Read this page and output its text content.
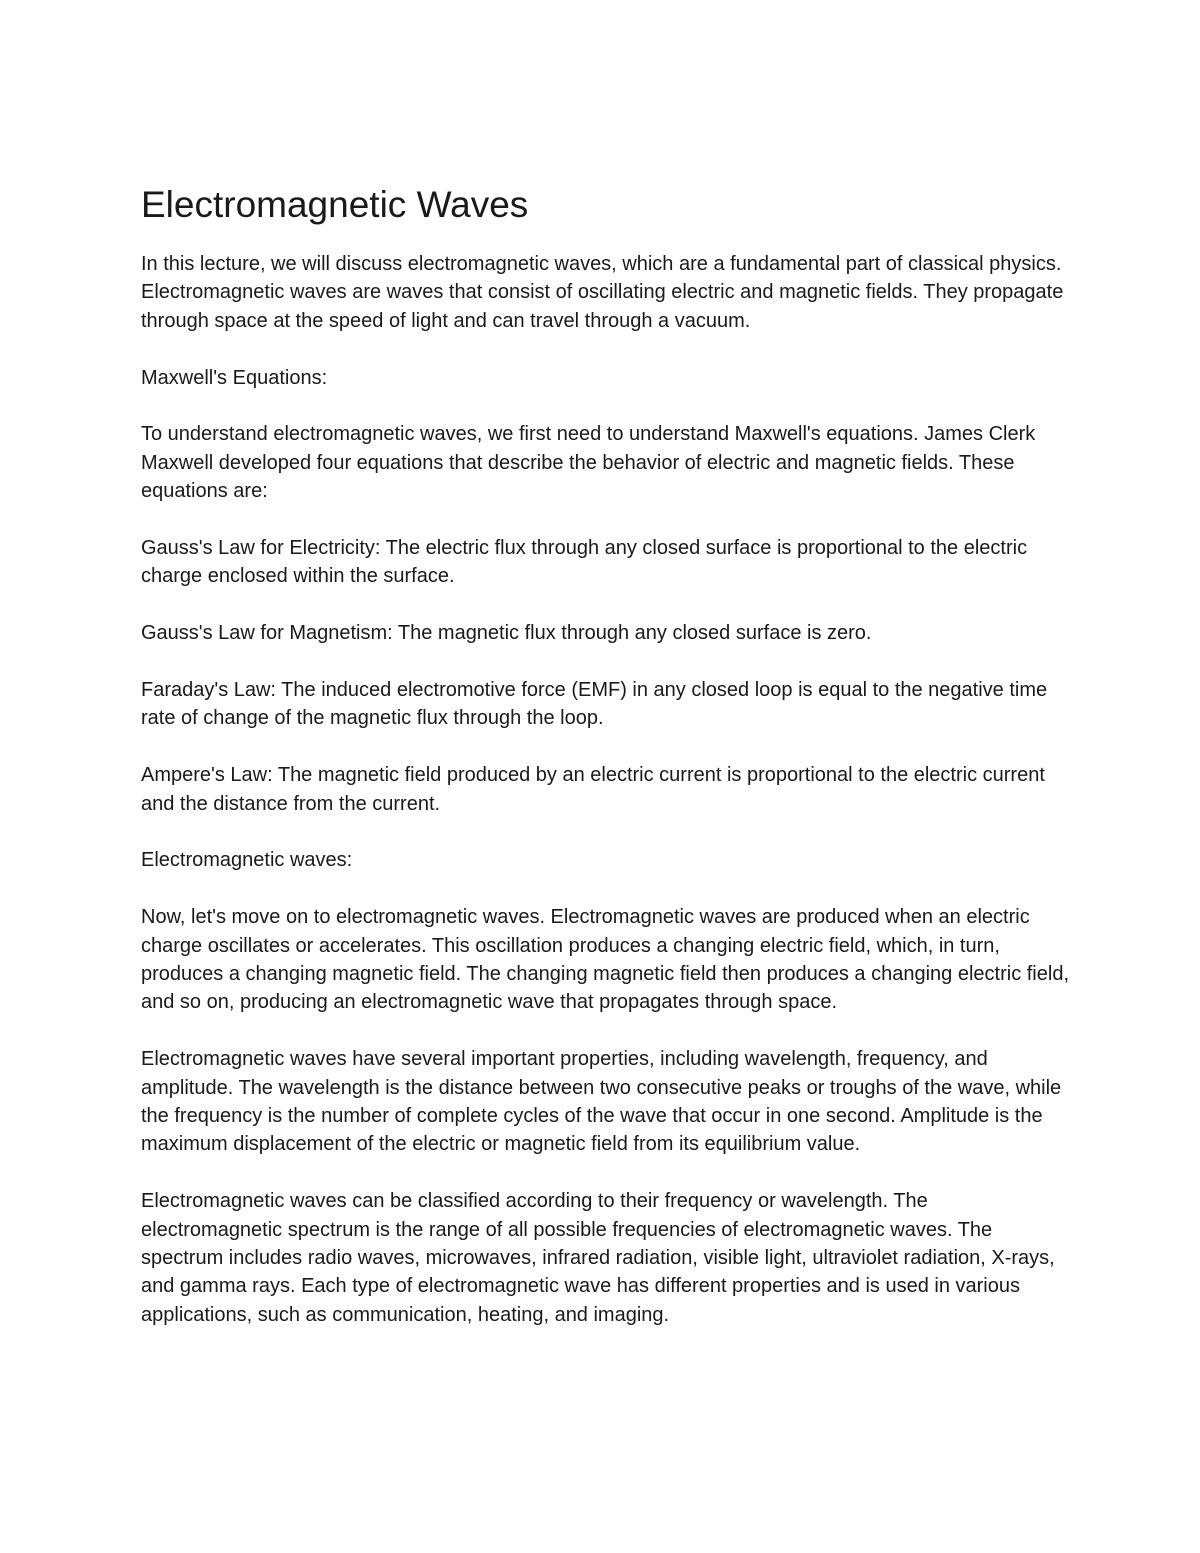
Electromagnetic Waves

In this lecture, we will discuss electromagnetic waves, which are a fundamental part of classical physics. Electromagnetic waves are waves that consist of oscillating electric and magnetic fields. They propagate through space at the speed of light and can travel through a vacuum.

Maxwell's Equations:

To understand electromagnetic waves, we first need to understand Maxwell's equations. James Clerk Maxwell developed four equations that describe the behavior of electric and magnetic fields. These equations are:

Gauss's Law for Electricity: The electric flux through any closed surface is proportional to the electric charge enclosed within the surface.

Gauss's Law for Magnetism: The magnetic flux through any closed surface is zero.

Faraday's Law: The induced electromotive force (EMF) in any closed loop is equal to the negative time rate of change of the magnetic flux through the loop.

Ampere's Law: The magnetic field produced by an electric current is proportional to the electric current and the distance from the current.

Electromagnetic waves:

Now, let's move on to electromagnetic waves. Electromagnetic waves are produced when an electric charge oscillates or accelerates. This oscillation produces a changing electric field, which, in turn, produces a changing magnetic field. The changing magnetic field then produces a changing electric field, and so on, producing an electromagnetic wave that propagates through space.

Electromagnetic waves have several important properties, including wavelength, frequency, and amplitude. The wavelength is the distance between two consecutive peaks or troughs of the wave, while the frequency is the number of complete cycles of the wave that occur in one second. Amplitude is the maximum displacement of the electric or magnetic field from its equilibrium value.

Electromagnetic waves can be classified according to their frequency or wavelength. The electromagnetic spectrum is the range of all possible frequencies of electromagnetic waves. The spectrum includes radio waves, microwaves, infrared radiation, visible light, ultraviolet radiation, X-rays, and gamma rays. Each type of electromagnetic wave has different properties and is used in various applications, such as communication, heating, and imaging.
